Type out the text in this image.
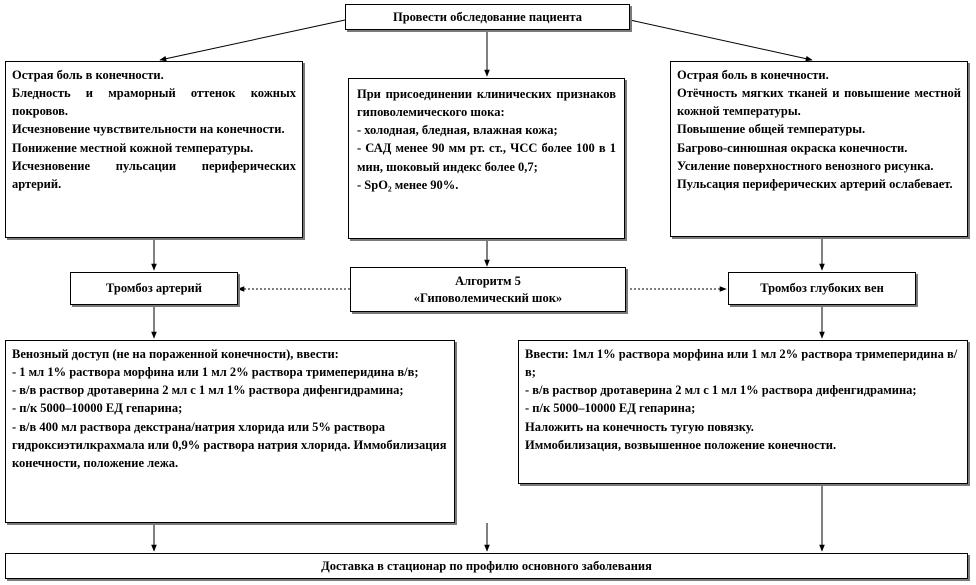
Провести обследование пациента

Острая боль в конечности.

Бледность и мраморный оттенок кожных покровов.

Исчезновение чувствительности на конечности.

Понижение местной кожной температуры.

Исчезновение пульсации периферических артерий.

При присоединении клинических признаков гиповолемического шока:

- холодная, бледная, влажная кожа;

- САД менее 90 мм рт. ст., ЧСС более 100 в 1 мин, шоковый индекс более 0,7;

- SpO₂ менее 90%.

Острая боль в конечности.

Отёчность мягких тканей и повышение местной кожной температуры.

Повышение общей температуры.

Багрово-синюшная окраска конечности.

Усиление поверхностного венозного рисунка.

Пульсация периферических артерий ослабевает.

Тромбоз артерий

Алгоритм 5

«Гиповолемический шок»

Тромбоз глубоких вен

Венозный доступ (не на пораженной конечности), ввести:

- 1 мл 1% раствора морфина или 1 мл 2% раствора тримеперидина в/в;

- в/в раствор дротаверина 2 мл с 1 мл 1% раствора дифенгидрамина;

- п/к 5000–10000 ЕД гепарина;

- в/в 400 мл раствора декстрана/натрия хлорида или 5% раствора гидроксиэтилкрахмала или 0,9% раствора натрия хлорида. Иммобилизация конечности, положение лежа.

Ввести: 1мл 1% раствора морфина или 1 мл 2% раствора тримеперидина в/в;

- в/в раствор дротаверина 2 мл с 1 мл 1% раствора дифенгидрамина;

- п/к 5000–10000 ЕД гепарина;

Наложить на конечность тугую повязку.

Иммобилизация, возвышенное положение конечности.

Доставка в стационар по профилю основного заболевания
